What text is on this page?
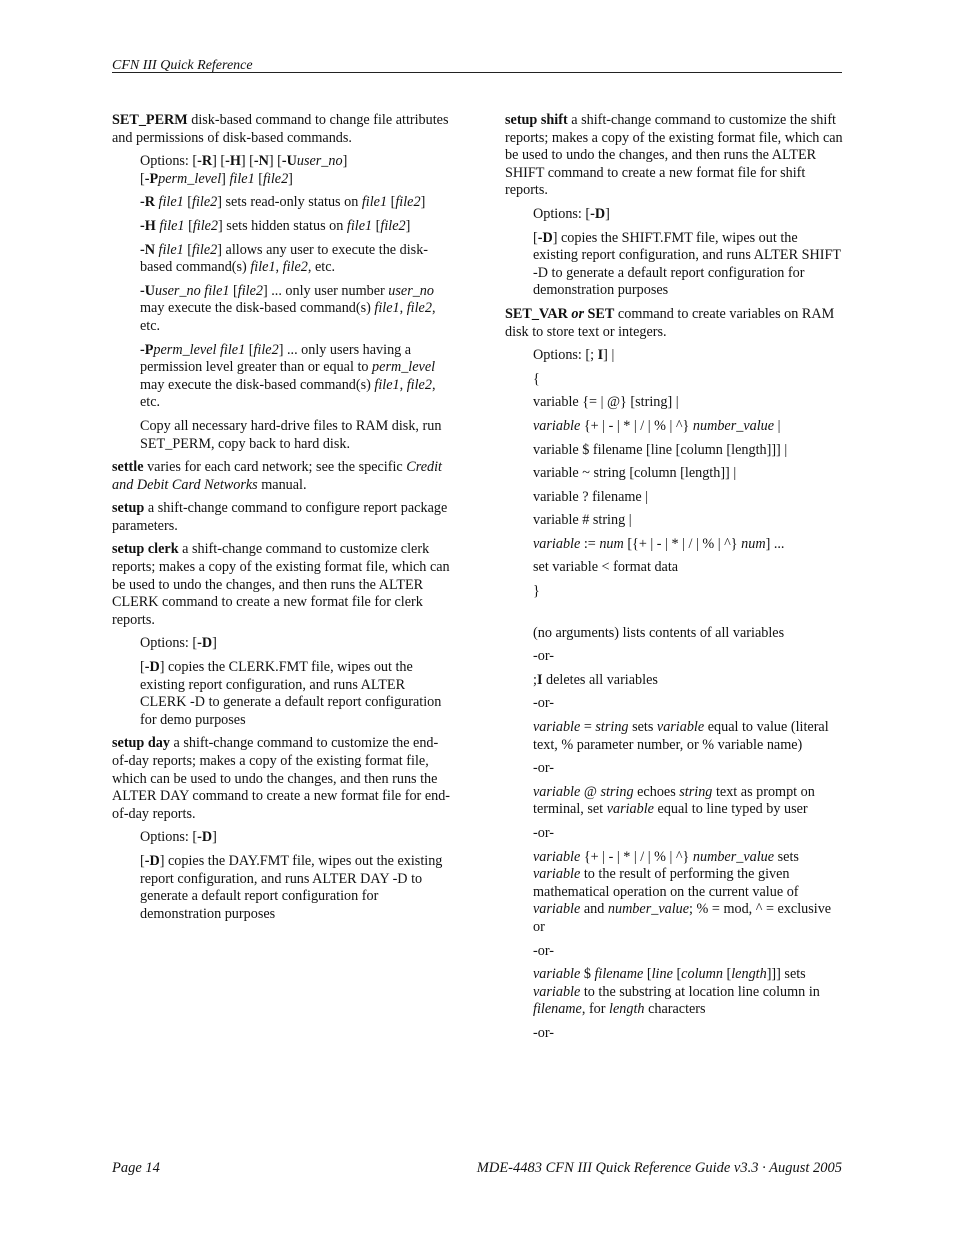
CFN III Quick Reference

SET_PERM disk-based command to change file attributes and permissions of disk-based commands.

Options: [-R] [-H] [-N] [-Uuser_no]
[-Pperm_level] file1 [file2]

-R file1 [file2] sets read-only status on file1 [file2]

-H file1 [file2] sets hidden status on file1 [file2]

-N file1 [file2] allows any user to execute the disk-based command(s) file1, file2, etc.

-Uuser_no file1 [file2] ... only user number user_no may execute the disk-based command(s) file1, file2, etc.

-Pperm_level file1 [file2] ... only users having a permission level greater than or equal to perm_level may execute the disk-based command(s) file1, file2, etc.

Copy all necessary hard-drive files to RAM disk, run SET_PERM, copy back to hard disk.

settle varies for each card network; see the specific Credit and Debit Card Networks manual.

setup a shift-change command to configure report package parameters.

setup clerk a shift-change command to customize clerk reports; makes a copy of the existing format file, which can be used to undo the changes, and then runs the ALTER CLERK command to create a new format file for clerk reports.

Options: [-D]

[-D] copies the CLERK.FMT file, wipes out the existing report configuration, and runs ALTER CLERK -D to generate a default report configuration for demo purposes

setup day a shift-change command to customize the end-of-day reports; makes a copy of the existing format file, which can be used to undo the changes, and then runs the ALTER DAY command to create a new format file for end-of-day reports.

Options: [-D]

[-D] copies the DAY.FMT file, wipes out the existing report configuration, and runs ALTER DAY -D to generate a default report configuration for demonstration purposes

setup shift a shift-change command to customize the shift reports; makes a copy of the existing format file, which can be used to undo the changes, and then runs the ALTER SHIFT command to create a new format file for shift reports.

Options: [-D]

[-D] copies the SHIFT.FMT file, wipes out the existing report configuration, and runs ALTER SHIFT -D to generate a default report configuration for demonstration purposes

SET_VAR or SET command to create variables on RAM disk to store text or integers.

Options: [; I] |

{

variable {= | @} [string] |

variable {+ | - | * | / | % | ^} number_value |

variable $ filename [line [column [length]]] |

variable ~ string [column [length]] |

variable ? filename |

variable # string |

variable := num [{+ | - | * | / | % | ^} num] ...

set variable < format data

}

(no arguments) lists contents of all variables

-or-

;I deletes all variables

-or-

variable = string sets variable equal to value (literal text, % parameter number, or % variable name)

-or-

variable @ string echoes string text as prompt on terminal, set variable equal to line typed by user

-or-

variable {+ | - | * | / | % | ^} number_value sets variable to the result of performing the given mathematical operation on the current value of variable and number_value; % = mod, ^ = exclusive or

-or-

variable $ filename [line [column [length]]] sets variable to the substring at location line column in filename, for length characters

-or-

Page 14	MDE-4483 CFN III Quick Reference Guide v3.3 · August 2005
